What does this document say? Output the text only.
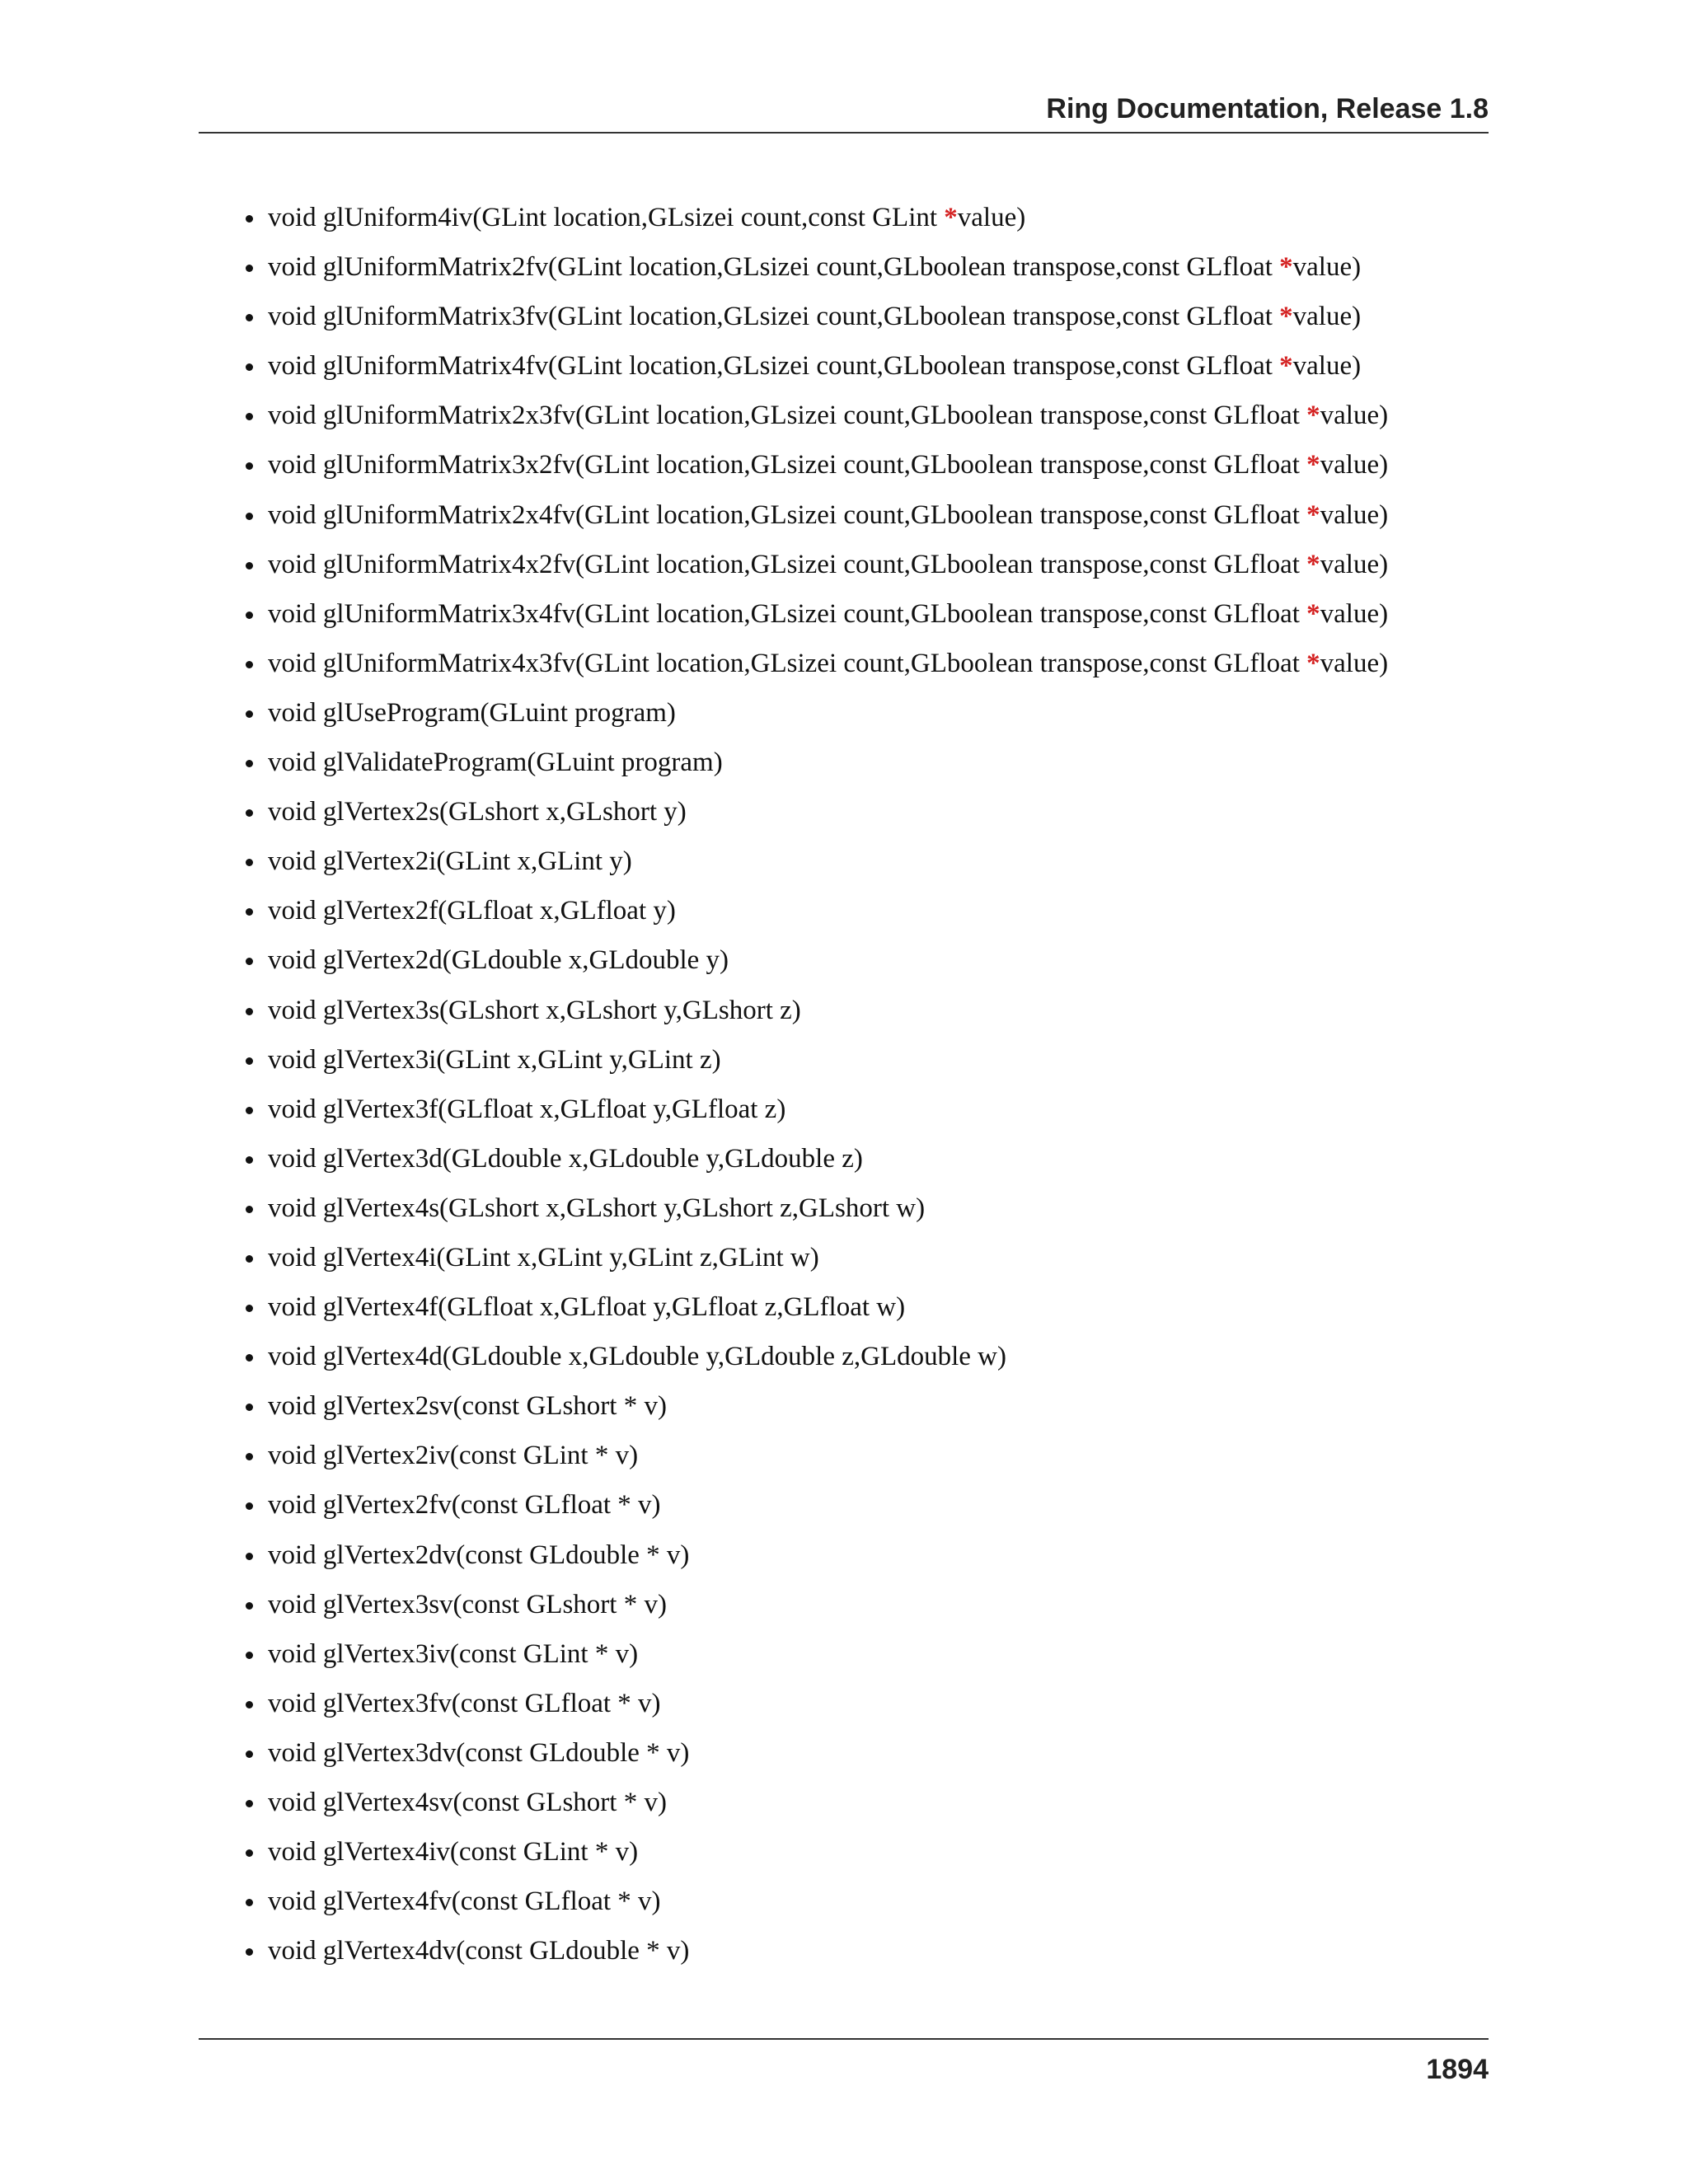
Ring Documentation, Release 1.8
void glUniform4iv(GLint location,GLsizei count,const GLint *value)
void glUniformMatrix2fv(GLint location,GLsizei count,GLboolean transpose,const GLfloat *value)
void glUniformMatrix3fv(GLint location,GLsizei count,GLboolean transpose,const GLfloat *value)
void glUniformMatrix4fv(GLint location,GLsizei count,GLboolean transpose,const GLfloat *value)
void glUniformMatrix2x3fv(GLint location,GLsizei count,GLboolean transpose,const GLfloat *value)
void glUniformMatrix3x2fv(GLint location,GLsizei count,GLboolean transpose,const GLfloat *value)
void glUniformMatrix2x4fv(GLint location,GLsizei count,GLboolean transpose,const GLfloat *value)
void glUniformMatrix4x2fv(GLint location,GLsizei count,GLboolean transpose,const GLfloat *value)
void glUniformMatrix3x4fv(GLint location,GLsizei count,GLboolean transpose,const GLfloat *value)
void glUniformMatrix4x3fv(GLint location,GLsizei count,GLboolean transpose,const GLfloat *value)
void glUseProgram(GLuint program)
void glValidateProgram(GLuint program)
void glVertex2s(GLshort x,GLshort y)
void glVertex2i(GLint x,GLint y)
void glVertex2f(GLfloat x,GLfloat y)
void glVertex2d(GLdouble x,GLdouble y)
void glVertex3s(GLshort x,GLshort y,GLshort z)
void glVertex3i(GLint x,GLint y,GLint z)
void glVertex3f(GLfloat x,GLfloat y,GLfloat z)
void glVertex3d(GLdouble x,GLdouble y,GLdouble z)
void glVertex4s(GLshort x,GLshort y,GLshort z,GLshort w)
void glVertex4i(GLint x,GLint y,GLint z,GLint w)
void glVertex4f(GLfloat x,GLfloat y,GLfloat z,GLfloat w)
void glVertex4d(GLdouble x,GLdouble y,GLdouble z,GLdouble w)
void glVertex2sv(const GLshort * v)
void glVertex2iv(const GLint * v)
void glVertex2fv(const GLfloat * v)
void glVertex2dv(const GLdouble * v)
void glVertex3sv(const GLshort * v)
void glVertex3iv(const GLint * v)
void glVertex3fv(const GLfloat * v)
void glVertex3dv(const GLdouble * v)
void glVertex4sv(const GLshort * v)
void glVertex4iv(const GLint * v)
void glVertex4fv(const GLfloat * v)
void glVertex4dv(const GLdouble * v)
1894
